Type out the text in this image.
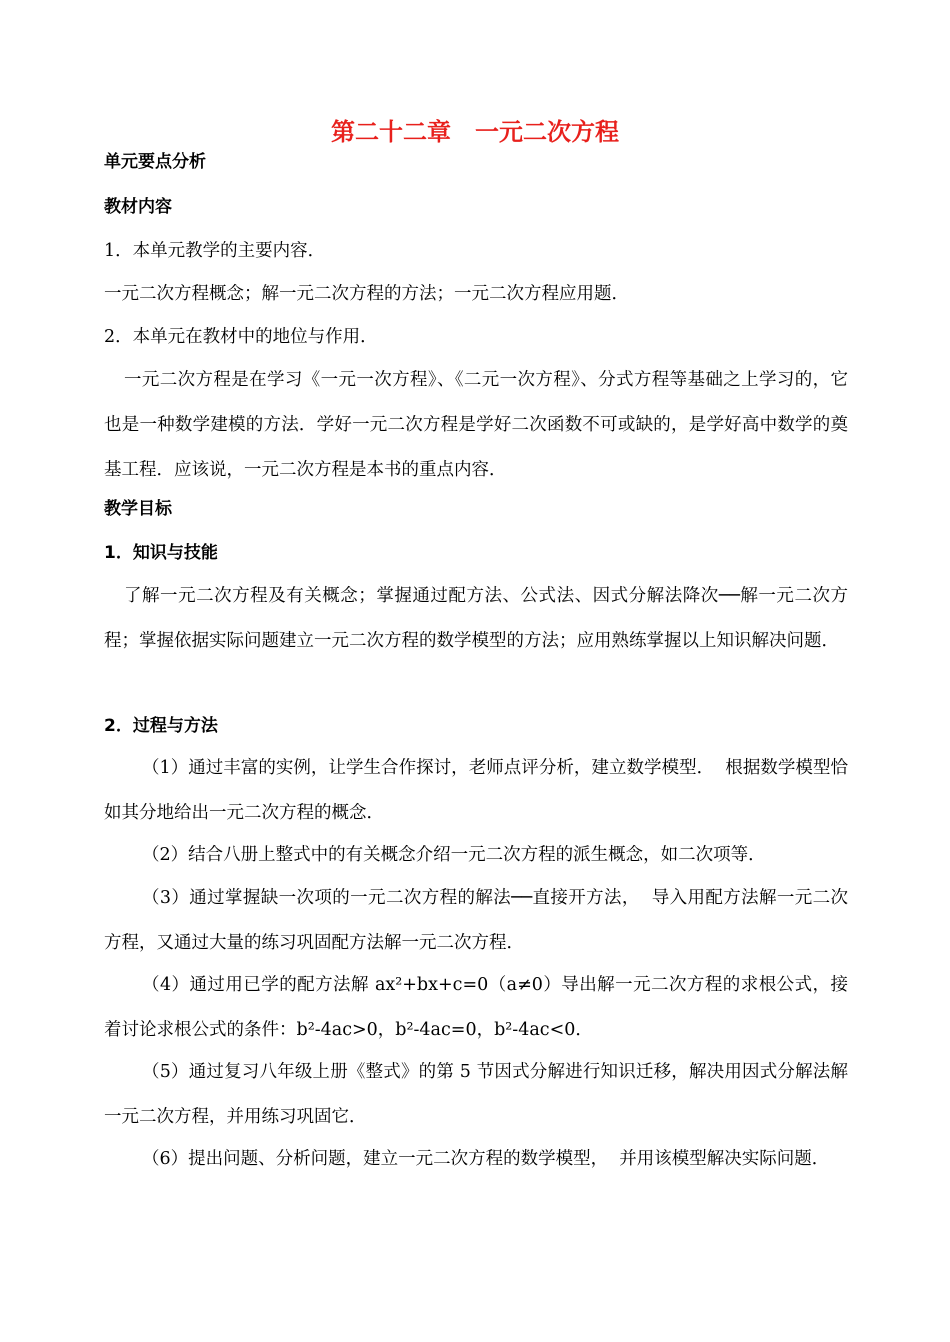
第二十二章　一元二次方程
单元要点分析
教材内容
1．本单元教学的主要内容．
一元二次方程概念；解一元二次方程的方法；一元二次方程应用题．
2．本单元在教材中的地位与作用．
一元二次方程是在学习《一元一次方程》、《二元一次方程》、分式方程等基础之上学习的，它也是一种数学建模的方法．学好一元二次方程是学好二次函数不可或缺的，是学好高中数学的奠基工程．应该说，一元二次方程是本书的重点内容．
教学目标
1．知识与技能
了解一元二次方程及有关概念；掌握通过配方法、公式法、因式分解法降次──解一元二次方程；掌握依据实际问题建立一元二次方程的数学模型的方法；应用熟练掌握以上知识解决问题．
2．过程与方法
（1）通过丰富的实例，让学生合作探讨，老师点评分析，建立数学模型．  根据数学模型恰如其分地给出一元二次方程的概念．
（2）结合八册上整式中的有关概念介绍一元二次方程的派生概念，如二次项等．
（3）通过掌握缺一次项的一元二次方程的解法──直接开方法，  导入用配方法解一元二次方程，又通过大量的练习巩固配方法解一元二次方程．
（4）通过用已学的配方法解 ax²+bx+c=0（a≠0）导出解一元二次方程的求根公式，接着讨论求根公式的条件：b²-4ac>0，b²-4ac=0，b²-4ac<0．
（5）通过复习八年级上册《整式》的第 5 节因式分解进行知识迁移，解决用因式分解法解一元二次方程，并用练习巩固它．
（6）提出问题、分析问题，建立一元二次方程的数学模型，  并用该模型解决实际问题．
